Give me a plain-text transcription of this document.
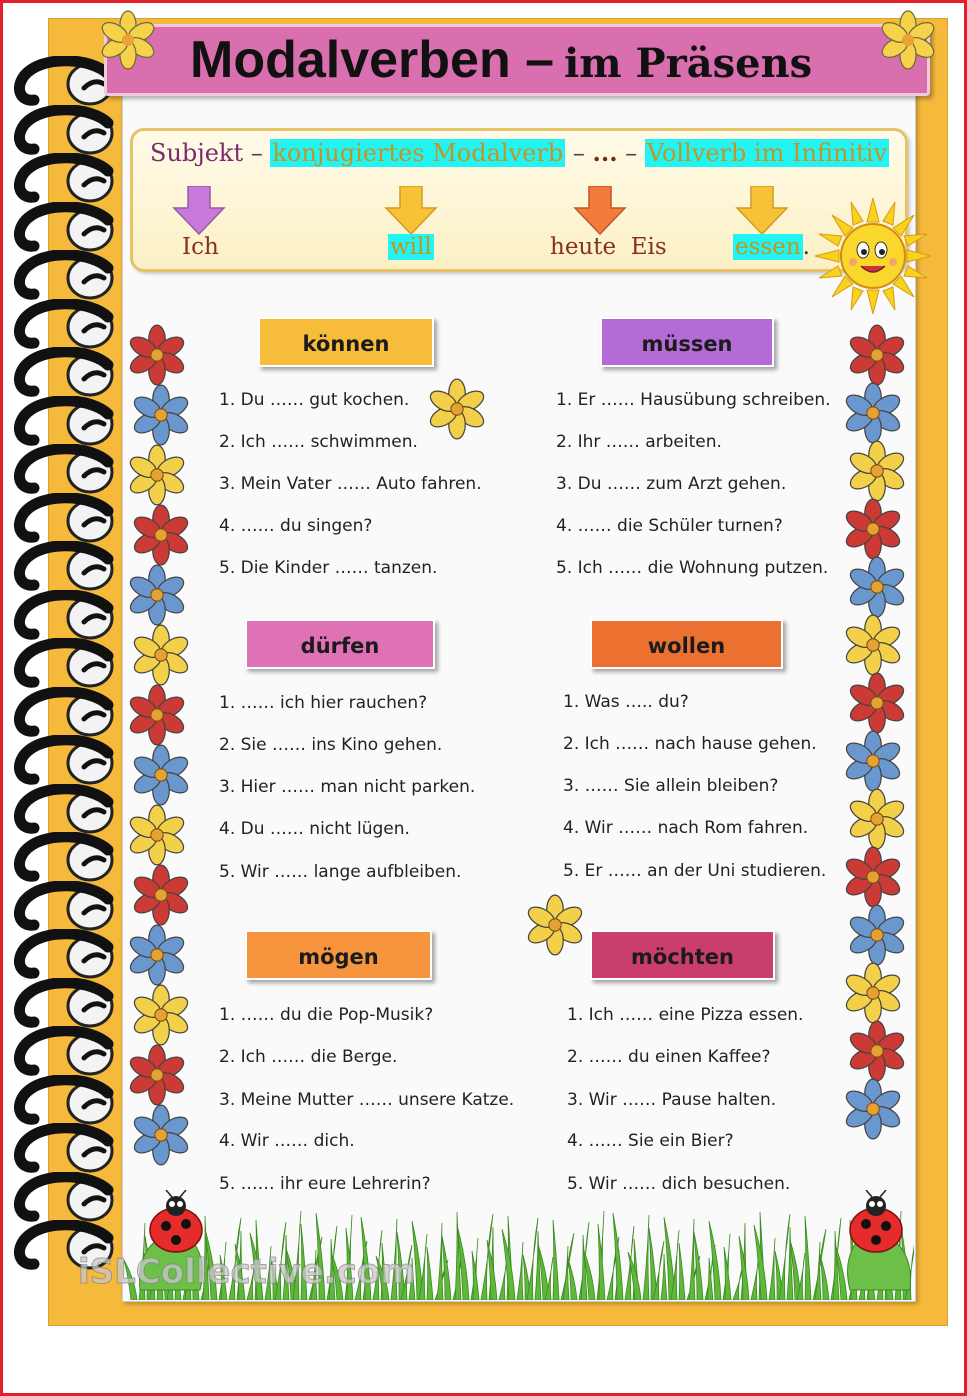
Modalverben – im Präsens
Subjekt – konjugiertes Modalverb – ... – Vollverb im Infinitiv
Ich	will	heute  Eis	essen.
können	müssen
dürfen	wollen
mögen	möchten
1. Du …… gut kochen.
2. Ich …… schwimmen.
3. Mein Vater …… Auto fahren.
4. …… du singen?
5. Die Kinder …… tanzen.
1. Er …… Hausübung schreiben.
2. Ihr …… arbeiten.
3. Du …… zum Arzt gehen.
4. …… die Schüler turnen?
5. Ich …… die Wohnung putzen.
1. …… ich hier rauchen?
2. Sie …… ins Kino gehen.
3. Hier …… man nicht parken.
4. Du …… nicht lügen.
5. Wir …… lange aufbleiben.
1. Was ….. du?
2. Ich …… nach hause gehen.
3. …… Sie allein bleiben?
4. Wir …… nach Rom fahren.
5. Er …… an der Uni studieren.
1. …… du die Pop-Musik?
2. Ich …… die Berge.
3. Meine Mutter …… unsere Katze.
4. Wir …… dich.
5. …… ihr eure Lehrerin?
1. Ich …… eine Pizza essen.
2. …… du einen Kaffee?
3. Wir …… Pause halten.
4. …… Sie ein Bier?
5. Wir …… dich besuchen.
iSLCollective.com
